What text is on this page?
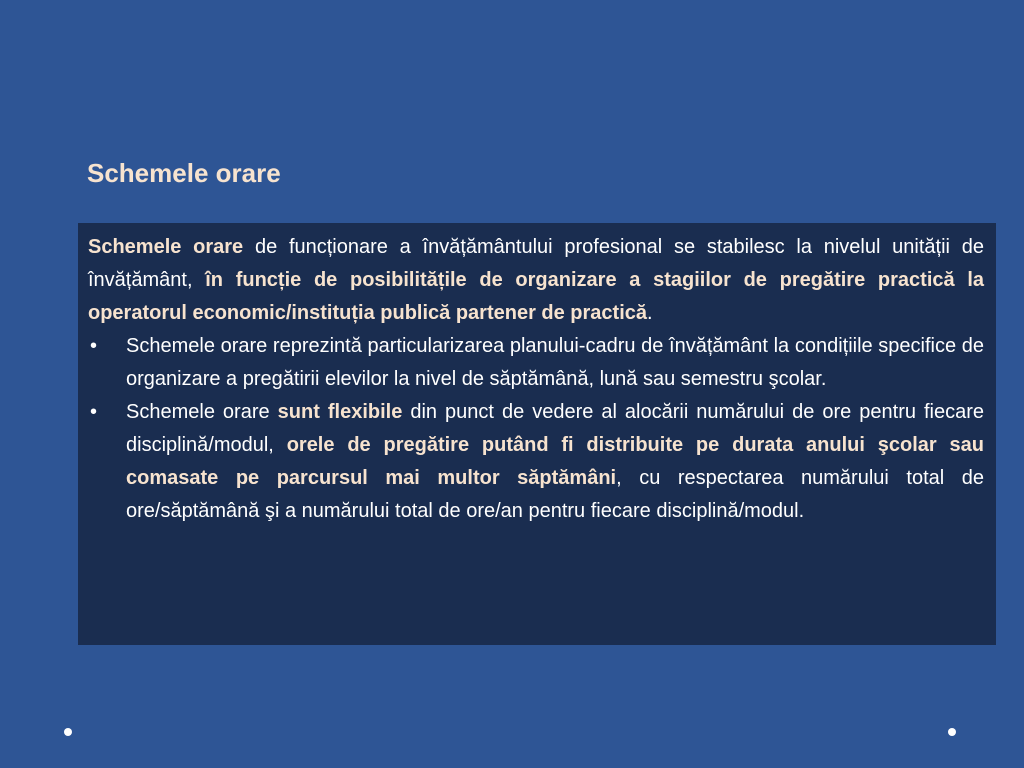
Schemele orare

Schemele orare de funcționare a învățământului profesional se stabilesc la nivelul unității de învățământ, în funcție de posibilitățile de organizare a stagiilor de pregătire practică la operatorul economic/instituția publică partener de practică.

• Schemele orare reprezintă particularizarea planului-cadru de învățământ la condițiile specifice de organizare a pregătirii elevilor la nivel de săptămână, lună sau semestru şcolar.
• Schemele orare sunt flexibile din punct de vedere al alocării numărului de ore pentru fiecare disciplină/modul, orele de pregătire putând fi distribuite pe durata anului şcolar sau comasate pe parcursul mai multor săptămâni, cu respectarea numărului total de ore/săptămână şi a numărului total de ore/an pentru fiecare disciplină/modul.
